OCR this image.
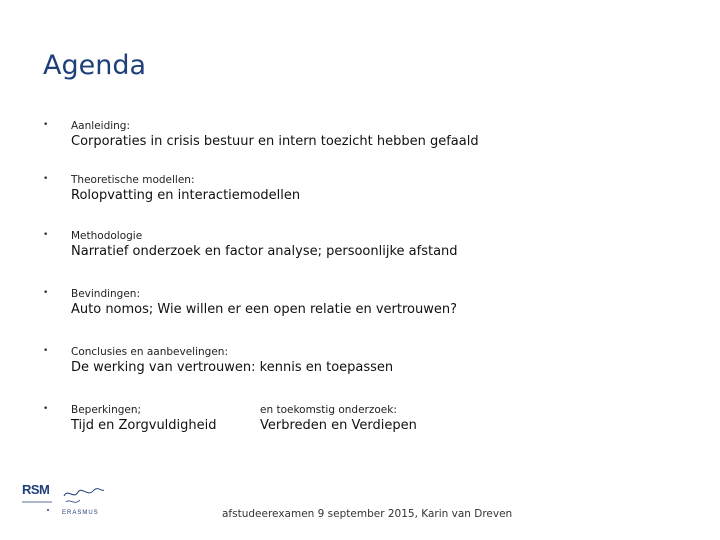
Agenda
• Aanleiding:
Corporaties in crisis bestuur en intern toezicht hebben gefaald
• Theoretische modellen:
Rolopvatting en interactiemodellen
• Methodologie
Narratief onderzoek en factor analyse; persoonlijke afstand
• Bevindingen:
Auto nomos; Wie willen er een open relatie en vertrouwen?
• Conclusies en aanbevelingen:
De werking van vertrouwen: kennis en toepassen
• Beperkingen;
Tijd en Zorgvuldigheid
en toekomstig onderzoek:
Verbreden en Verdiepen
RSM
ERASMUS	afstudeerexamen 9 september 2015, Karin van Dreven
